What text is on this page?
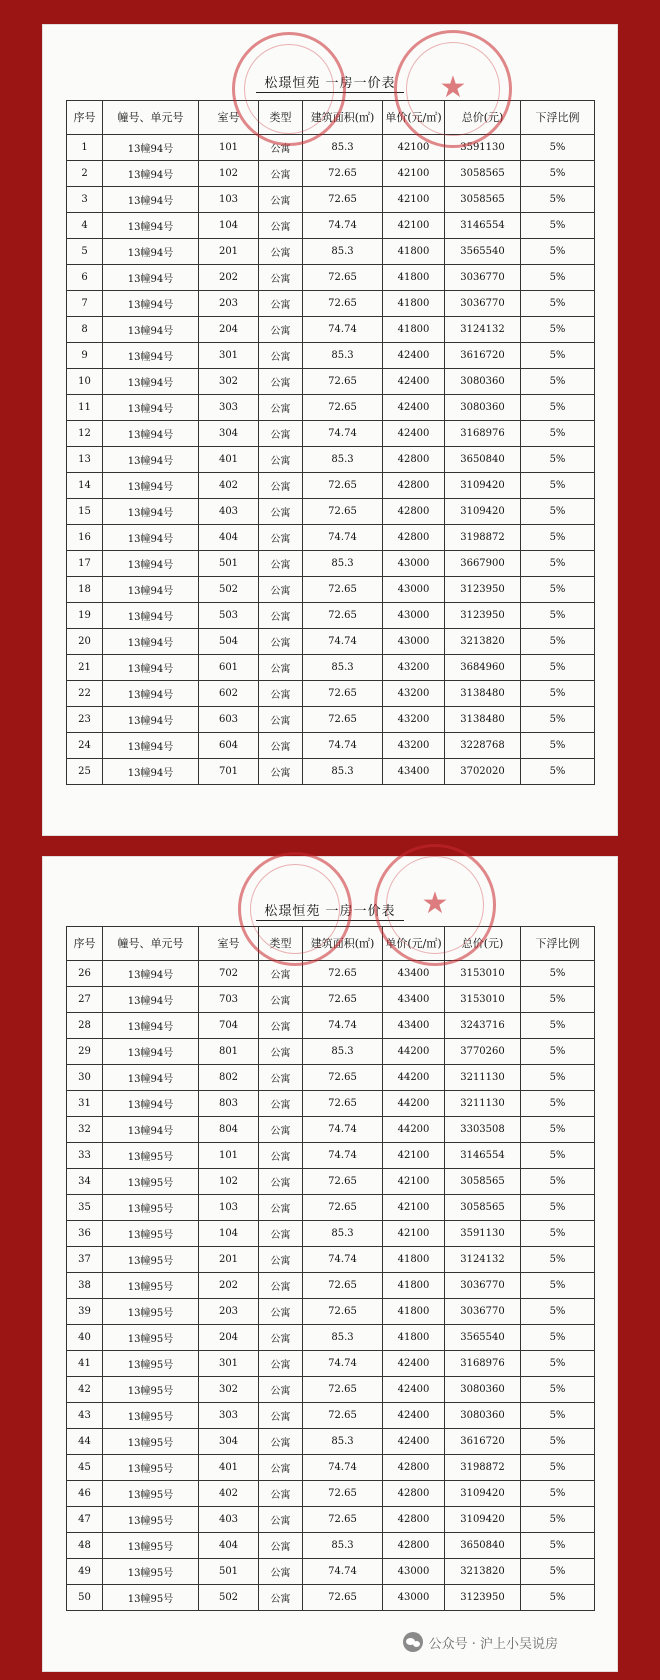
★
松璟恒苑 一房一价表
序号	幢号、单元号	室号	类型	建筑面积(㎡)	单价(元/㎡)	总价(元)	下浮比例
1	13幢94号	101	公寓	85.3	42100	3591130	5%
2	13幢94号	102	公寓	72.65	42100	3058565	5%
3	13幢94号	103	公寓	72.65	42100	3058565	5%
4	13幢94号	104	公寓	74.74	42100	3146554	5%
5	13幢94号	201	公寓	85.3	41800	3565540	5%
6	13幢94号	202	公寓	72.65	41800	3036770	5%
7	13幢94号	203	公寓	72.65	41800	3036770	5%
8	13幢94号	204	公寓	74.74	41800	3124132	5%
9	13幢94号	301	公寓	85.3	42400	3616720	5%
10	13幢94号	302	公寓	72.65	42400	3080360	5%
11	13幢94号	303	公寓	72.65	42400	3080360	5%
12	13幢94号	304	公寓	74.74	42400	3168976	5%
13	13幢94号	401	公寓	85.3	42800	3650840	5%
14	13幢94号	402	公寓	72.65	42800	3109420	5%
15	13幢94号	403	公寓	72.65	42800	3109420	5%
16	13幢94号	404	公寓	74.74	42800	3198872	5%
17	13幢94号	501	公寓	85.3	43000	3667900	5%
18	13幢94号	502	公寓	72.65	43000	3123950	5%
19	13幢94号	503	公寓	72.65	43000	3123950	5%
20	13幢94号	504	公寓	74.74	43000	3213820	5%
21	13幢94号	601	公寓	85.3	43200	3684960	5%
22	13幢94号	602	公寓	72.65	43200	3138480	5%
23	13幢94号	603	公寓	72.65	43200	3138480	5%
24	13幢94号	604	公寓	74.74	43200	3228768	5%
25	13幢94号	701	公寓	85.3	43400	3702020	5%
★
松璟恒苑 一房一价表
序号	幢号、单元号	室号	类型	建筑面积(㎡)	单价(元/㎡)	总价(元)	下浮比例
26	13幢94号	702	公寓	72.65	43400	3153010	5%
27	13幢94号	703	公寓	72.65	43400	3153010	5%
28	13幢94号	704	公寓	74.74	43400	3243716	5%
29	13幢94号	801	公寓	85.3	44200	3770260	5%
30	13幢94号	802	公寓	72.65	44200	3211130	5%
31	13幢94号	803	公寓	72.65	44200	3211130	5%
32	13幢94号	804	公寓	74.74	44200	3303508	5%
33	13幢95号	101	公寓	74.74	42100	3146554	5%
34	13幢95号	102	公寓	72.65	42100	3058565	5%
35	13幢95号	103	公寓	72.65	42100	3058565	5%
36	13幢95号	104	公寓	85.3	42100	3591130	5%
37	13幢95号	201	公寓	74.74	41800	3124132	5%
38	13幢95号	202	公寓	72.65	41800	3036770	5%
39	13幢95号	203	公寓	72.65	41800	3036770	5%
40	13幢95号	204	公寓	85.3	41800	3565540	5%
41	13幢95号	301	公寓	74.74	42400	3168976	5%
42	13幢95号	302	公寓	72.65	42400	3080360	5%
43	13幢95号	303	公寓	72.65	42400	3080360	5%
44	13幢95号	304	公寓	85.3	42400	3616720	5%
45	13幢95号	401	公寓	74.74	42800	3198872	5%
46	13幢95号	402	公寓	72.65	42800	3109420	5%
47	13幢95号	403	公寓	72.65	42800	3109420	5%
48	13幢95号	404	公寓	85.3	42800	3650840	5%
49	13幢95号	501	公寓	74.74	43000	3213820	5%
50	13幢95号	502	公寓	72.65	43000	3123950	5%
公众号 · 沪上小吴说房
